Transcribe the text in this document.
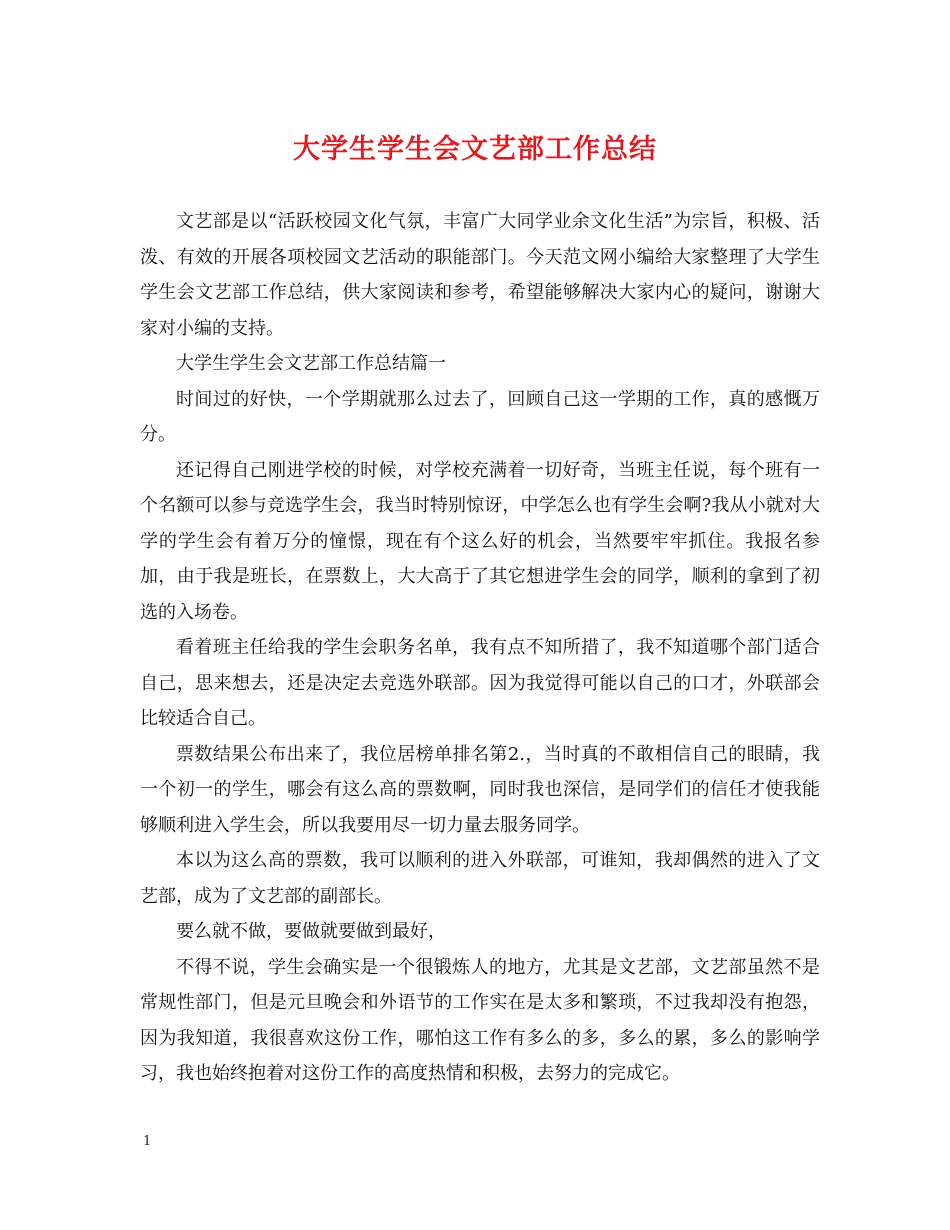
大学生学生会文艺部工作总结

文艺部是以“活跃校园文化气氛，丰富广大同学业余文化生活”为宗旨，积极、活泼、有效的开展各项校园文艺活动的职能部门。今天范文网小编给大家整理了大学生学生会文艺部工作总结，供大家阅读和参考，希望能够解决大家内心的疑问，谢谢大家对小编的支持。

大学生学生会文艺部工作总结篇一

时间过的好快，一个学期就那么过去了，回顾自己这一学期的工作，真的感慨万分。

还记得自己刚进学校的时候，对学校充满着一切好奇，当班主任说，每个班有一个名额可以参与竞选学生会，我当时特别惊讶，中学怎么也有学生会啊?我从小就对大学的学生会有着万分的憧憬，现在有个这么好的机会，当然要牢牢抓住。我报名参加，由于我是班长，在票数上，大大高于了其它想进学生会的同学，顺利的拿到了初选的入场卷。

看着班主任给我的学生会职务名单，我有点不知所措了，我不知道哪个部门适合自己，思来想去，还是决定去竞选外联部。因为我觉得可能以自己的口才，外联部会比较适合自己。

票数结果公布出来了，我位居榜单排名第2.，当时真的不敢相信自己的眼睛，我一个初一的学生，哪会有这么高的票数啊，同时我也深信，是同学们的信任才使我能够顺利进入学生会，所以我要用尽一切力量去服务同学。

本以为这么高的票数，我可以顺利的进入外联部，可谁知，我却偶然的进入了文艺部，成为了文艺部的副部长。

要么就不做，要做就要做到最好，

不得不说，学生会确实是一个很锻炼人的地方，尤其是文艺部，文艺部虽然不是常规性部门，但是元旦晚会和外语节的工作实在是太多和繁琐，不过我却没有抱怨，因为我知道，我很喜欢这份工作，哪怕这工作有多么的多，多么的累，多么的影响学习，我也始终抱着对这份工作的高度热情和积极，去努力的完成它。

1
